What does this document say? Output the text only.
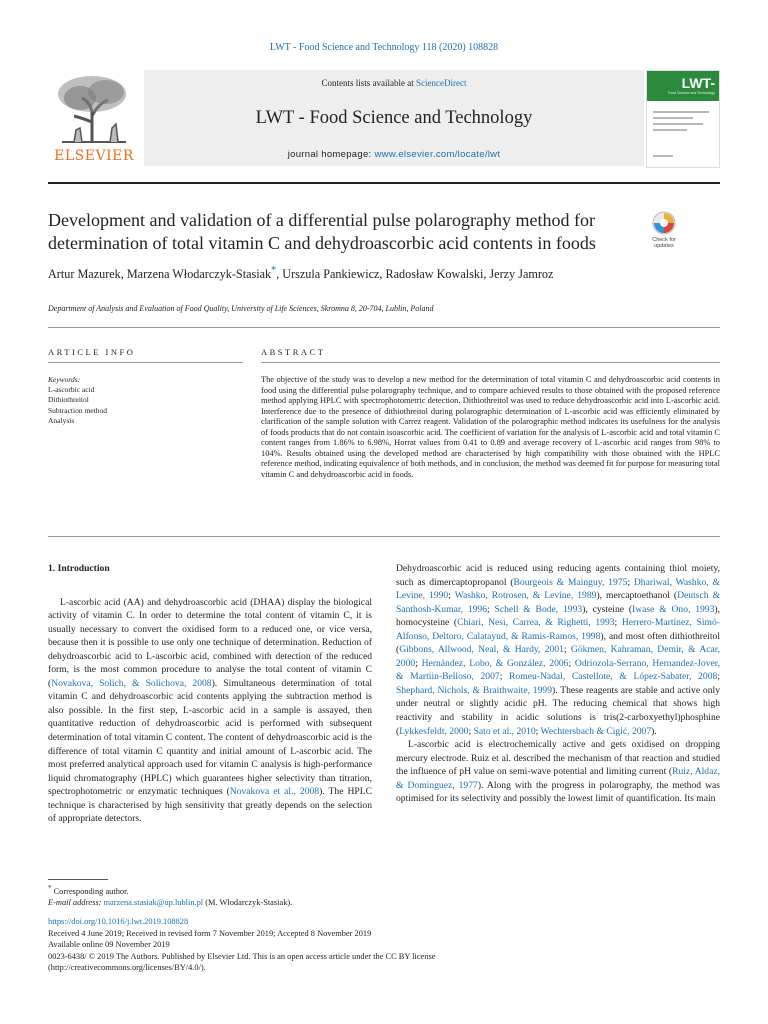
LWT - Food Science and Technology 118 (2020) 108828
ELSEVIER
Contents lists available at ScienceDirect
LWT - Food Science and Technology
journal homepage: www.elsevier.com/locate/lwt
LWT-
Food Science and Technology
Development and validation of a differential pulse polarography method for determination of total vitamin C and dehydroascorbic acid contents in foods	Check for updates
Artur Mazurek, Marzena Włodarczyk-Stasiak*, Urszula Pankiewicz, Radosław Kowalski, Jerzy Jamroz
Department of Analysis and Evaluation of Food Quality, University of Life Sciences, Skromna 8, 20-704, Lublin, Poland
ARTICLE INFO	ABSTRACT
Keywords:
L-ascorbic acid
Dithiothreitol
Subtraction method
Analysis

The objective of the study was to develop a new method for the determination of total vitamin C and dehydroascorbic acid contents in food using the differential pulse polarography technique, and to compare achieved results to those obtained with the proposed reference method applying HPLC with spectrophotometric detection. Dithiothreitol was used to reduce dehydroascorbic acid into L-ascorbic acid. Interference due to the presence of dithiothreitol during polarographic determination of L-ascorbic acid was efficiently eliminated by clarification of the sample solution with Carrez reagent. Validation of the polarographic method indicates its usefulness for the analysis of foods products that do not contain isoascorbic acid. The coefficient of variation for the analysis of L-ascorbic acid and total vitamin C content ranges from 1.86% to 6.98%, Horrat values from 0.41 to 0.89 and average recovery of L-ascorbic acid ranges from 98% to 104%. Results obtained using the developed method are characterised by high compatibility with those obtained with the HPLC reference method, indicating equivalence of both methods, and in conclusion, the method was deemed fit for purpose for measuring total vitamin C and dehydroascorbic acid in foods.

1. Introduction

L-ascorbic acid (AA) and dehydroascorbic acid (DHAA) display the biological activity of vitamin C. In order to determine the total content of vitamin C, it is usually necessary to convert the oxidised form to a reduced one, or vice versa, because then it is possible to use only one technique of determination. Reduction of dehydroascorbic acid to L-ascorbic acid, combined with detection of the reduced form, is the most common procedure to analyse the total content of vitamin C (Novakova, Solich, & Solichova, 2008). Simultaneous determination of total vitamin C and dehydroascorbic acid contents applying the subtraction method is also possible. In the first step, L-ascorbic acid in a sample is assayed, then quantitative reduction of dehydroascorbic acid is performed with subsequent determination of total vitamin C content. The content of dehydroascorbic acid is the difference of total vitamin C quantity and initial amount of L-ascorbic acid. The most preferred analytical approach used for vitamin C analysis is high-performance liquid chromatography (HPLC) which guarantees higher selectivity than titration, spectrophotometric or enzymatic techniques (Novakova et al., 2008). The HPLC technique is characterised by high sensitivity that greatly depends on the selection of appropriate detectors.

Dehydroascorbic acid is reduced using reducing agents containing thiol moiety, such as dimercaptopropanol (Bourgeois & Mainguy, 1975; Dhariwal, Washko, & Levine, 1990; Washko, Rotrosen, & Levine, 1989), mercaptoethanol (Deutsch & Santhosh-Kumar, 1996; Schell & Bode, 1993), cysteine (Iwase & Ono, 1993), homocysteine (Chiari, Nesi, Carrea, & Righetti, 1993; Herrero-Martínez, Simó-Alfonso, Deltoro, Calatayud, & Ramis-Ramos, 1998), and most often dithiothreitol (Gibbons, Allwood, Neal, & Hardy, 2001; Gökmen, Kahraman, Demir, & Acar, 2000; Hernández, Lobo, & González, 2006; Odriozola-Serrano, Hernandez-Jover, & Martiin-Belloso, 2007; Romeu-Nadal, Castellote, & López-Sabater, 2008; Shephard, Nichols, & Braithwaite, 1999). These reagents are stable and active only under neutral or slightly acidic pH. The reducing chemical that shows high reactivity and stability in acidic solutions is tris(2-carboxyethyl)phosphine (Lykkesfeldt, 2000; Sato et al., 2010; Wechtersbach & Cigić, 2007).

L-ascorbic acid is electrochemically active and gets oxidised on dropping mercury electrode. Ruiz et al. described the mechanism of that reaction and studied the influence of pH value on semi-wave potential and limiting current (Ruiz, Aldaz, & Dominguez, 1977). Along with the progress in polarography, the method was optimised for its selectivity and possibly the lowest limit of quantification. Its main

* Corresponding author.

E-mail address: marzena.stasiak@up.lublin.pl (M. Włodarczyk-Stasiak).

https://doi.org/10.1016/j.lwt.2019.108828

Received 4 June 2019; Received in revised form 7 November 2019; Accepted 8 November 2019

Available online 09 November 2019

0023-6438/ © 2019 The Authors. Published by Elsevier Ltd. This is an open access article under the CC BY license

(http://creativecommons.org/licenses/BY/4.0/).
